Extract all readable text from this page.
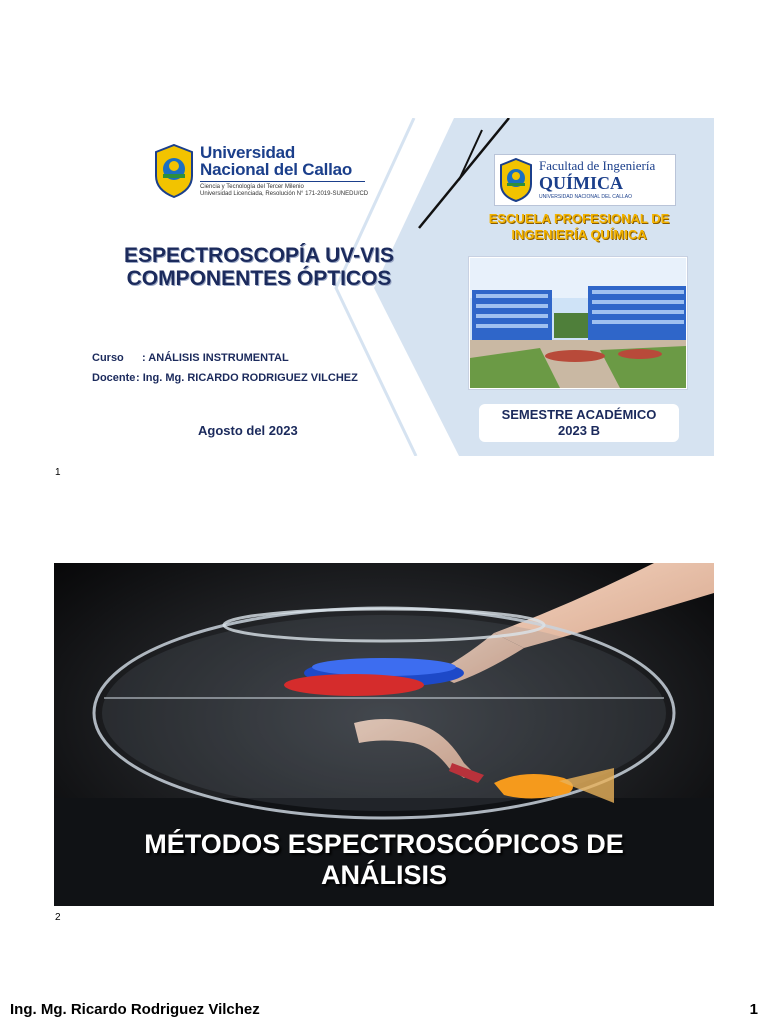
Universidad
Nacional del Callao
Ciencia y Tecnología del Tercer Milenio
Universidad Licenciada, Resolución N° 171-2019-SUNEDU/CD
ESPECTROSCOPÍA UV-VIS
COMPONENTES ÓPTICOS
Curso : ANÁLISIS INSTRUMENTAL
Docente: Ing. Mg. RICARDO RODRIGUEZ VILCHEZ
Agosto del 2023
Facultad de Ingeniería
QUÍMICA
UNIVERSIDAD NACIONAL DEL CALLAO
ESCUELA PROFESIONAL DE
INGENIERÍA QUÍMICA
SEMESTRE ACADÉMICO
2023 B
1
MÉTODOS ESPECTROSCÓPICOS DE
ANÁLISIS
2
Ing. Mg. Ricardo Rodriguez Vilchez	1
